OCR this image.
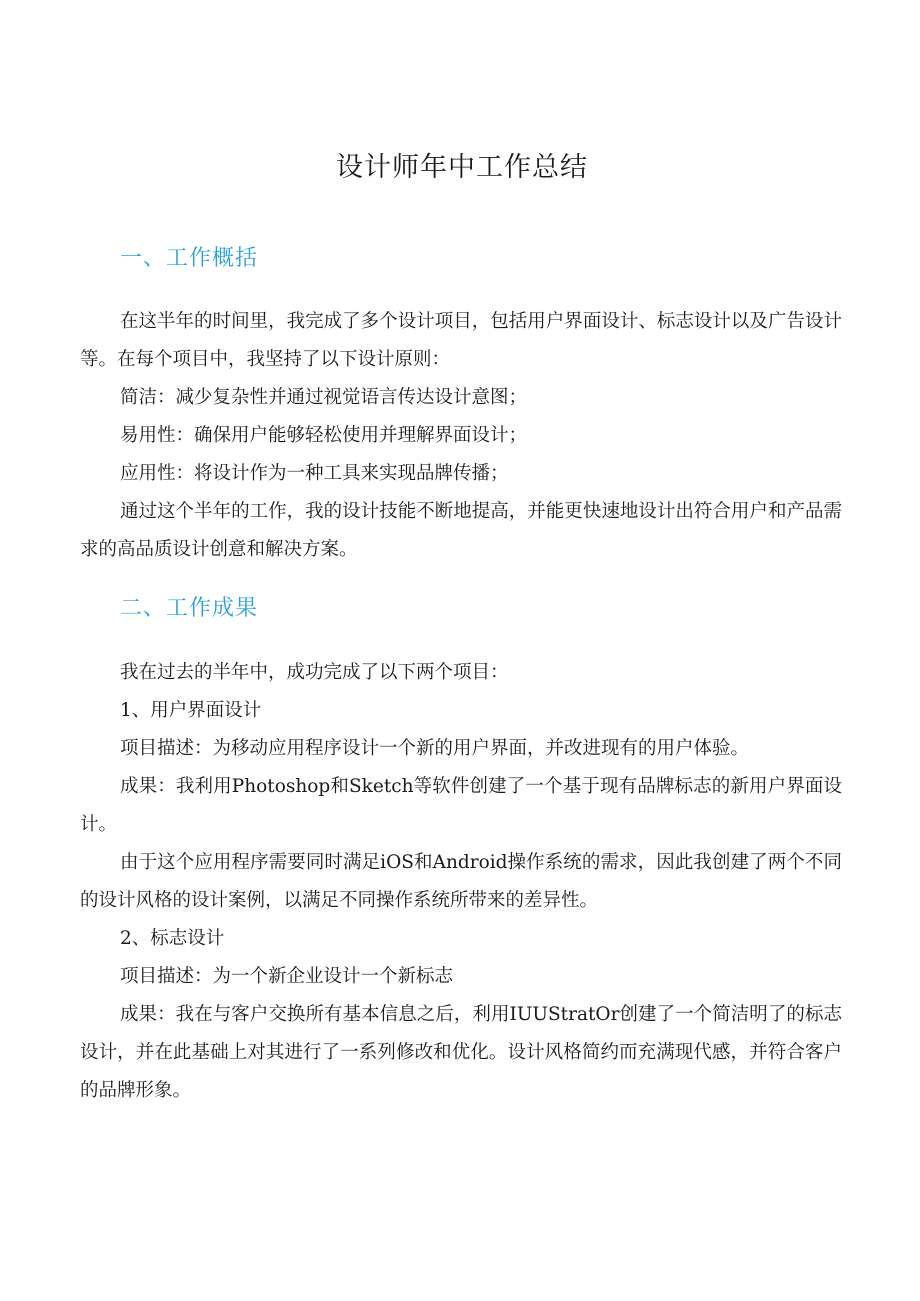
设计师年中工作总结
一、工作概括

在这半年的时间里，我完成了多个设计项目，包括用户界面设计、标志设计以及广告设计等。在每个项目中，我坚持了以下设计原则：

简洁：减少复杂性并通过视觉语言传达设计意图；

易用性：确保用户能够轻松使用并理解界面设计；

应用性：将设计作为一种工具来实现品牌传播；

通过这个半年的工作，我的设计技能不断地提高，并能更快速地设计出符合用户和产品需求的高品质设计创意和解决方案。

二、工作成果

我在过去的半年中，成功完成了以下两个项目：

1、用户界面设计

项目描述：为移动应用程序设计一个新的用户界面，并改进现有的用户体验。

成果：我利用Photoshop和Sketch等软件创建了一个基于现有品牌标志的新用户界面设计。

由于这个应用程序需要同时满足iOS和Android操作系统的需求，因此我创建了两个不同的设计风格的设计案例，以满足不同操作系统所带来的差异性。

2、标志设计

项目描述：为一个新企业设计一个新标志

成果：我在与客户交换所有基本信息之后，利用IUUStratOr创建了一个简洁明了的标志设计，并在此基础上对其进行了一系列修改和优化。设计风格简约而充满现代感，并符合客户的品牌形象。
